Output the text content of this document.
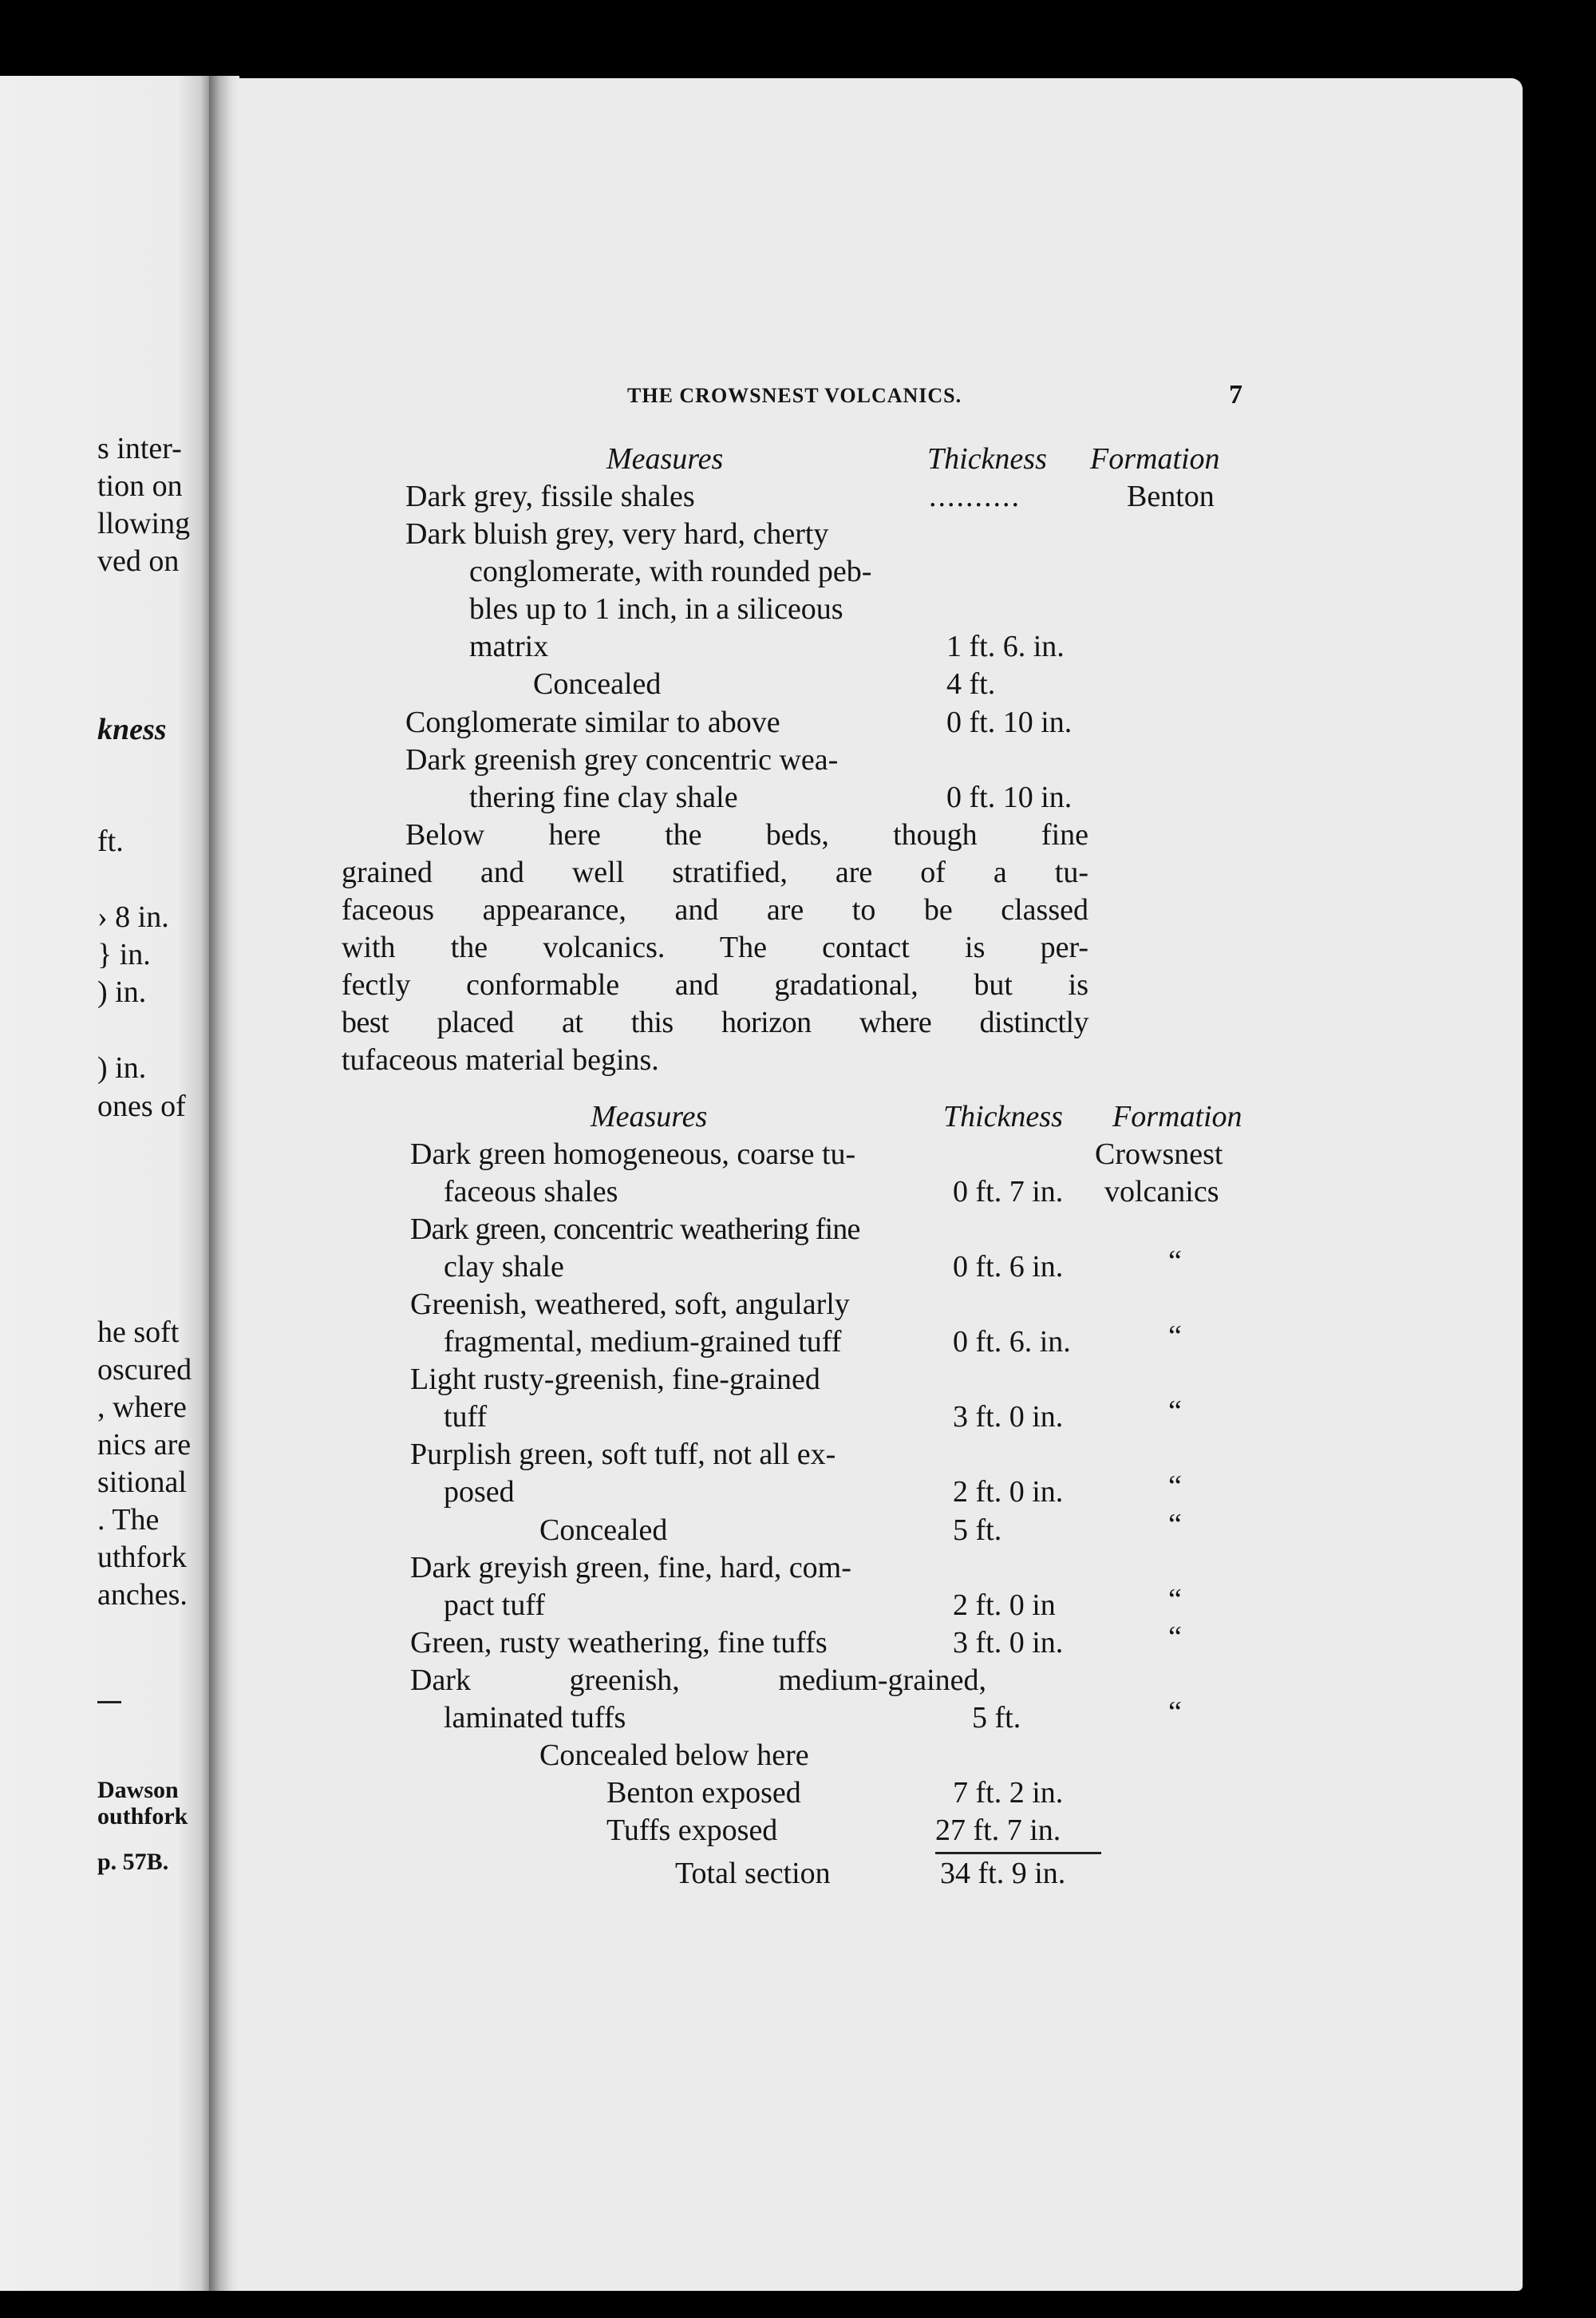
s inter-
tion on
llowing
ved on
kness
ft.
› 8 in.
} in.
) in.
) in.
ones of
he soft
oscured
, where
nics are
sitional
. The
uthfork
anches.
Dawson
outhfork
p. 57B.
THE CROWSNEST VOLCANICS.	7
Measures	Thickness Formation
Dark grey, fissile shales	..........	Benton
Dark bluish grey, very hard, cherty
conglomerate, with rounded peb-
bles up to 1 inch, in a siliceous
matrix	1 ft. 6. in.
Concealed	4 ft.
Conglomerate similar to above	0 ft. 10 in.
Dark greenish grey concentric wea-
thering fine clay shale	0 ft. 10 in.
Below here the beds, though fine
grained and well stratified, are of a tu-
faceous appearance, and are to be classed
with the volcanics. The contact is per-
fectly conformable and gradational, but is
best placed at this horizon where distinctly
tufaceous material begins.
Measures	Thickness Formation
Dark green homogeneous, coarse tu-	Crowsnest
faceous shales	0 ft. 7 in. volcanics
Dark green, concentric weathering fine
clay shale	0 ft. 6 in.	“
Greenish, weathered, soft, angularly
fragmental, medium-grained tuff	0 ft. 6. in.	“
Light rusty-greenish, fine-grained
tuff	3 ft. 0 in.	“
Purplish green, soft tuff, not all ex-
posed	2 ft. 0 in.	“
Concealed	5 ft.	“
Dark greyish green, fine, hard, com-
pact tuff	2 ft. 0 in	“
Green, rusty weathering, fine tuffs	3 ft. 0 in.	“
Dark greenish, medium-grained,
laminated tuffs	5 ft.	“
Concealed below here
Benton exposed	7 ft. 2 in.
Tuffs exposed	27 ft. 7 in.
Total section	34 ft. 9 in.
